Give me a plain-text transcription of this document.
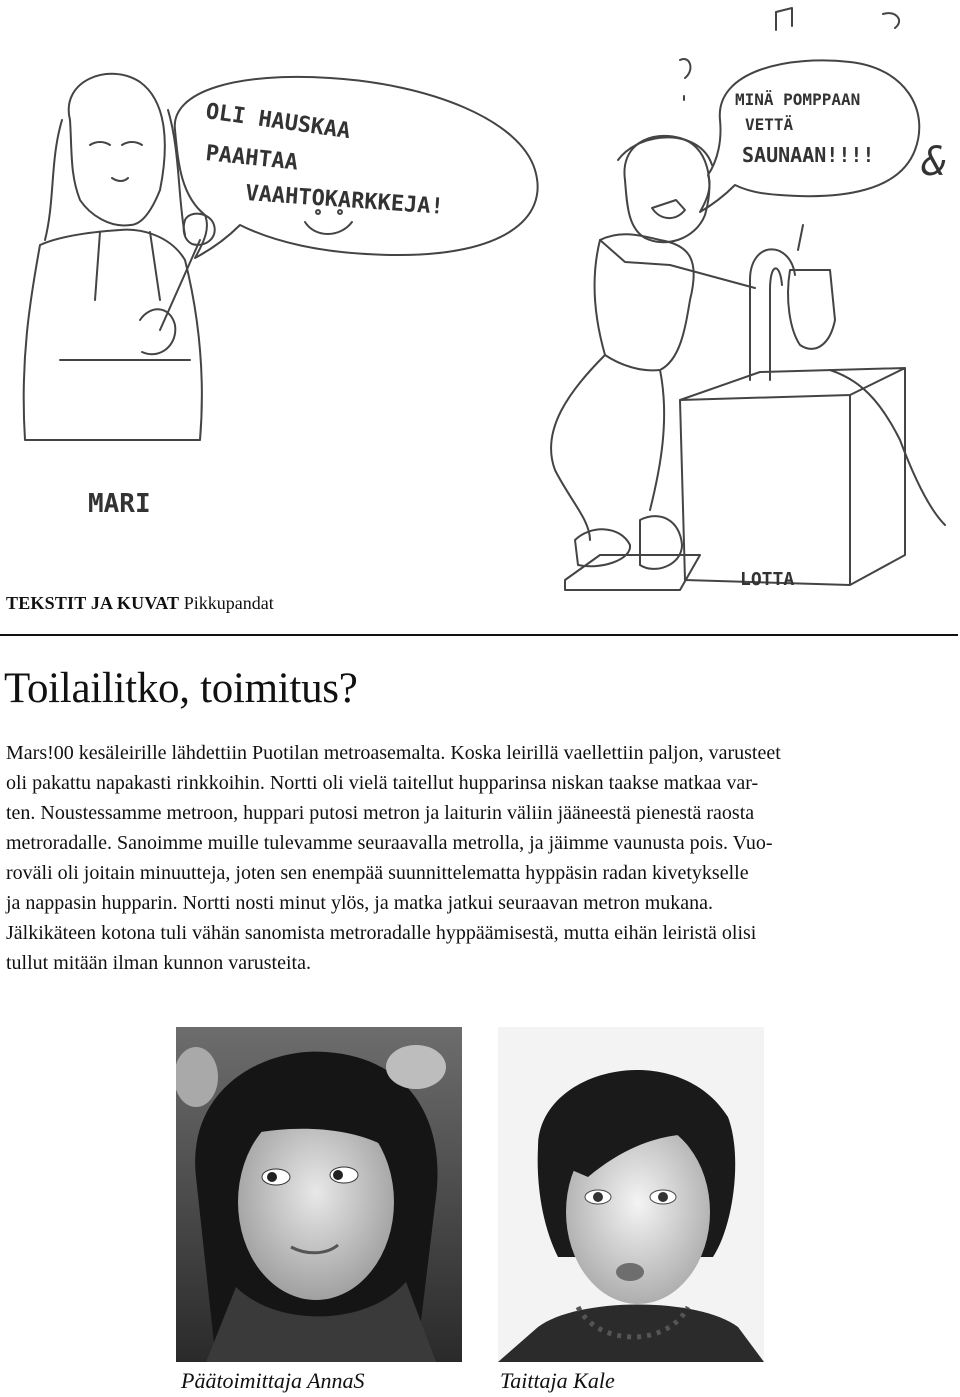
OLI HAUSKAA
PAAHTAA
VAAHTOKARKKEJA!
MINÄ POMPPAAN
VETTÄ
SAUNAAN!!!! &
MARI
LOTTA
TEKSTIT JA KUVAT Pikkupandat
Toilailitko, toimitus?

Mars!00 kesäleirille lähdettiin Puotilan metroasemalta. Koska leirillä vaellettiin paljon, varusteet
oli pakattu napakasti rinkkoihin. Nortti oli vielä taitellut hupparinsa niskan taakse matkaa var-
ten. Noustessamme metroon, huppari putosi metron ja laiturin väliin jääneestä pienestä raosta
metroradalle. Sanoimme muille tulevamme seuraavalla metrolla, ja jäimme vaunusta pois. Vuo-
roväli oli joitain minuutteja, joten sen enempää suunnittelematta hyppäsin radan kivetykselle
ja nappasin hupparin. Nortti nosti minut ylös, ja matka jatkui seuraavan metron mukana.
Jälkikäteen kotona tuli vähän sanomista metroradalle hyppäämisestä, mutta eihän leiristä olisi
tullut mitään ilman kunnon varusteita.

Päätoimittaja AnnaS	Taittaja Kale
